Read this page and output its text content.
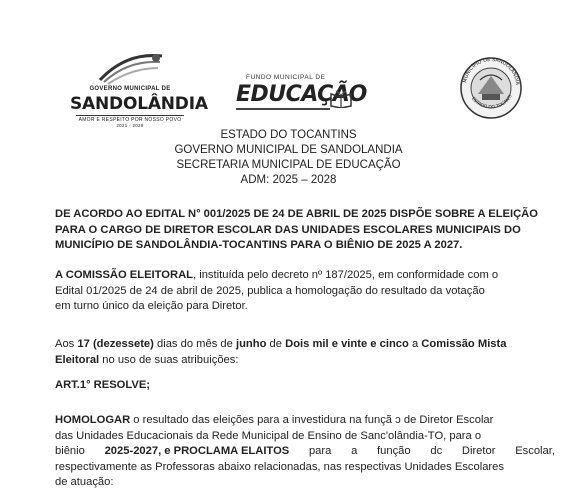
GOVERNO MUNICIPAL DE
SANDOLÂNDIA
AMOR E RESPEITO POR NOSSO POVO
2021 - 2028
FUNDO MUNICIPAL DE
EDUCAÇÃO
MUNICÍPIO DE SANDOLÂNDIA
ESTADO DO TOCANTI
ESTADO DO TOCANTINS
GOVERNO MUNICIPAL DE SANDOLANDIA
SECRETARIA MUNICIPAL DE EDUCAÇÃO
ADM: 2025 – 2028
DE ACORDO AO EDITAL N° 001/2025 DE 24 DE ABRIL DE 2025 DISPÕE SOBRE A ELEIÇÃO
PARA O CARGO DE DIRETOR ESCOLAR DAS UNIDADES ESCOLARES MUNICIPAIS DO
MUNICÍPIO DE SANDOLÂNDIA-TOCANTINS PARA O BIÊNIO DE 2025 A 2027.
A COMISSÃO ELEITORAL, instituída pelo decreto nº 187/2025, em conformidade com o
Edital 01/2025 de 24 de abril de 2025, publica a homologação do resultado da votação
em turno único da eleição para Diretor.
Aos 17 (dezessete) dias do mês de junho de Dois mil e vinte e cinco a Comissão Mista
Eleitoral no uso de suas atribuições:
ART.1° RESOLVE;
HOMOLOGAR o resultado das eleições para a investidura na funçã ɔ de Diretor Escolar
das Unidades Educacionais da Rede Municipal de Ensino de Sanc'olândia-TO, para o
biênio 2025-2027, e PROCLAMA ELAITOS para a função dc Diretor Escolar,
respectivamente as Professoras abaixo relacionadas, nas respectivas Unidades Escolares
de atuação:
